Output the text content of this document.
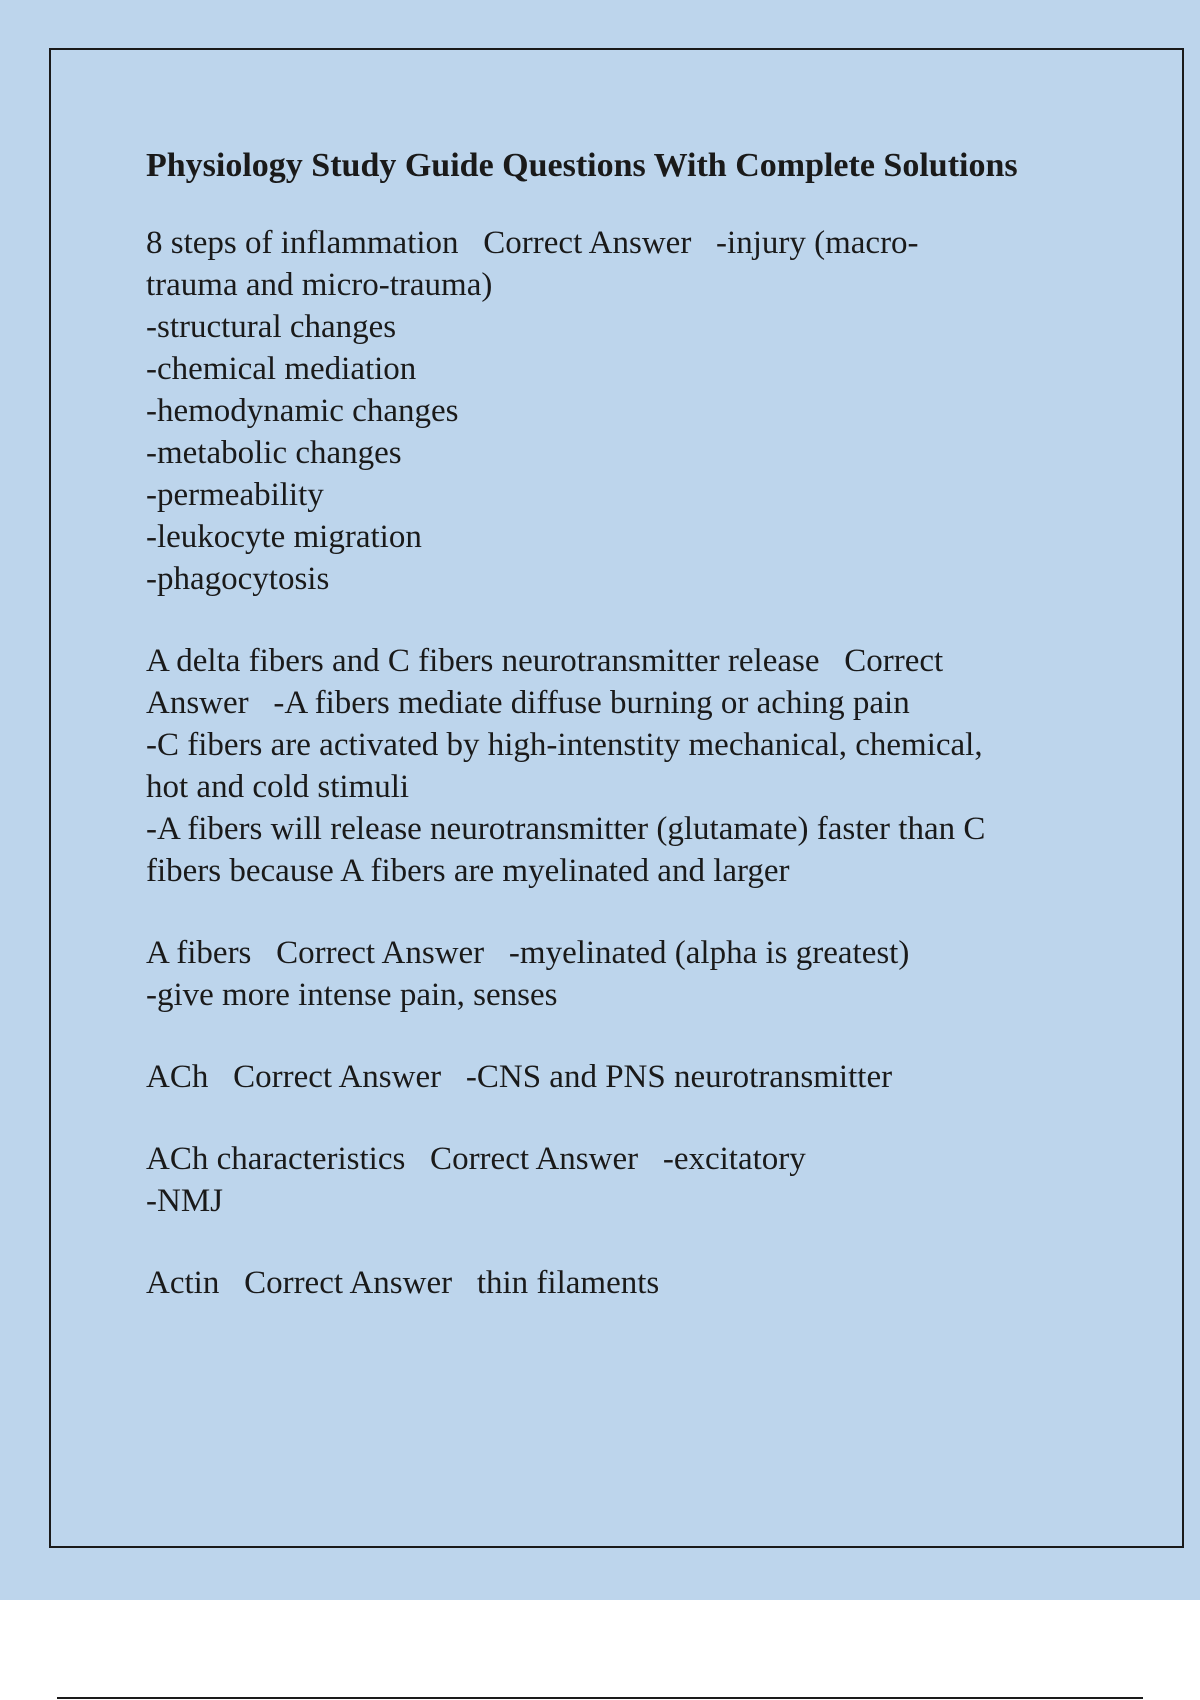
Physiology Study Guide Questions With Complete Solutions
8 steps of inflammation   Correct Answer   -injury (macro-
trauma and micro-trauma)
-structural changes
-chemical mediation
-hemodynamic changes
-metabolic changes
-permeability
-leukocyte migration
-phagocytosis
A delta fibers and C fibers neurotransmitter release   Correct
Answer   -A fibers mediate diffuse burning or aching pain
-C fibers are activated by high-intenstity mechanical, chemical,
hot and cold stimuli
-A fibers will release neurotransmitter (glutamate) faster than C
fibers because A fibers are myelinated and larger
A fibers   Correct Answer   -myelinated (alpha is greatest)
-give more intense pain, senses
ACh   Correct Answer   -CNS and PNS neurotransmitter
ACh characteristics   Correct Answer   -excitatory
-NMJ
Actin   Correct Answer   thin filaments
